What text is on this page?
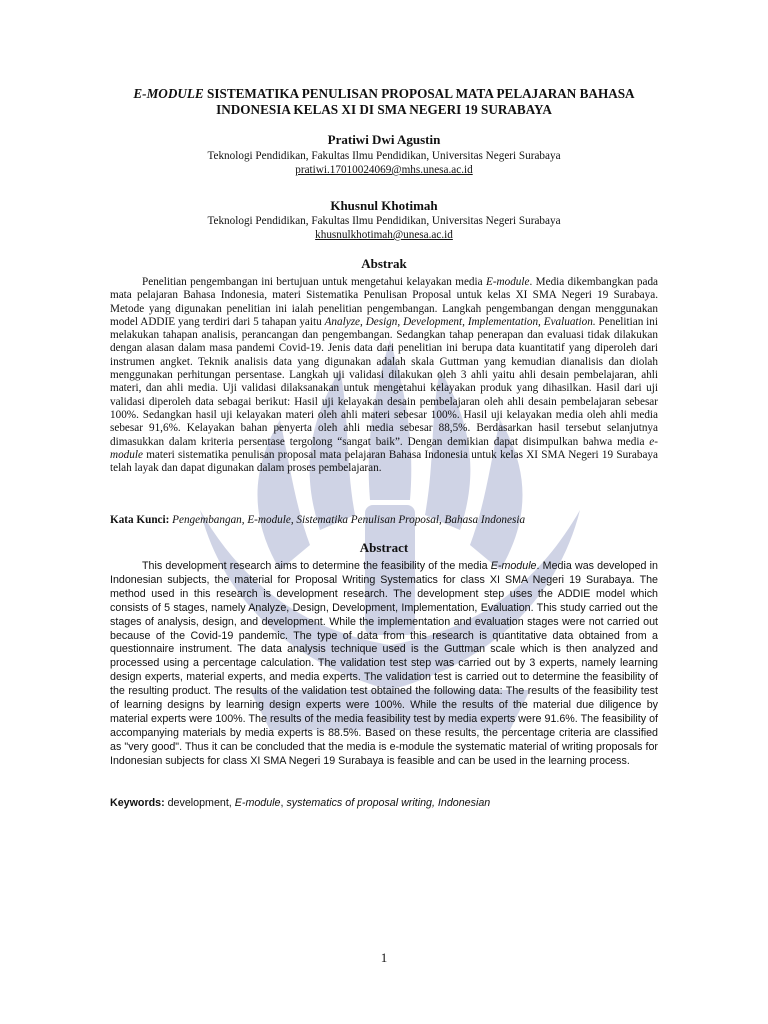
E-MODULE SISTEMATIKA PENULISAN PROPOSAL MATA PELAJARAN BAHASA INDONESIA KELAS XI DI SMA NEGERI 19 SURABAYA

Pratiwi Dwi Agustin

Teknologi Pendidikan, Fakultas Ilmu Pendidikan, Universitas Negeri Surabaya

pratiwi.17010024069@mhs.unesa.ac.id

Khusnul Khotimah

Teknologi Pendidikan, Fakultas Ilmu Pendidikan, Universitas Negeri Surabaya

khusnulkhotimah@unesa.ac.id

Abstrak

Penelitian pengembangan ini bertujuan untuk mengetahui kelayakan media E-module. Media dikembangkan pada mata pelajaran Bahasa Indonesia, materi Sistematika Penulisan Proposal untuk kelas XI SMA Negeri 19 Surabaya. Metode yang digunakan penelitian ini ialah penelitian pengembangan. Langkah pengembangan dengan menggunakan model ADDIE yang terdiri dari 5 tahapan yaitu Analyze, Design, Development, Implementation, Evaluation. Penelitian ini melakukan tahapan analisis, perancangan dan pengembangan. Sedangkan tahap penerapan dan evaluasi tidak dilakukan dengan alasan dalam masa pandemi Covid-19. Jenis data dari penelitian ini berupa data kuantitatif yang diperoleh dari instrumen angket. Teknik analisis data yang digunakan adalah skala Guttman yang kemudian dianalisis dan diolah menggunakan perhitungan persentase. Langkah uji validasi dilakukan oleh 3 ahli yaitu ahli desain pembelajaran, ahli materi, dan ahli media. Uji validasi dilaksanakan untuk mengetahui kelayakan produk yang dihasilkan. Hasil dari uji validasi diperoleh data sebagai berikut: Hasil uji kelayakan desain pembelajaran oleh ahli desain pembelajaran sebesar 100%. Sedangkan hasil uji kelayakan materi oleh ahli materi sebesar 100%. Hasil uji kelayakan media oleh ahli media sebesar 91,6%. Kelayakan bahan penyerta oleh ahli media sebesar 88,5%. Berdasarkan hasil tersebut selanjutnya dimasukkan dalam kriteria persentase tergolong “sangat baik”. Dengan demikian dapat disimpulkan bahwa media e-module materi sistematika penulisan proposal mata pelajaran Bahasa Indonesia untuk kelas XI SMA Negeri 19 Surabaya telah layak dan dapat digunakan dalam proses pembelajaran.

Kata Kunci: Pengembangan, E-module, Sistematika Penulisan Proposal, Bahasa Indonesia

Abstract

This development research aims to determine the feasibility of the media E-module. Media was developed in Indonesian subjects, the material for Proposal Writing Systematics for class XI SMA Negeri 19 Surabaya. The method used in this research is development research. The development step uses the ADDIE model which consists of 5 stages, namely Analyze, Design, Development, Implementation, Evaluation. This study carried out the stages of analysis, design, and development. While the implementation and evaluation stages were not carried out because of the Covid-19 pandemic. The type of data from this research is quantitative data obtained from a questionnaire instrument. The data analysis technique used is the Guttman scale which is then analyzed and processed using a percentage calculation. The validation test step was carried out by 3 experts, namely learning design experts, material experts, and media experts. The validation test is carried out to determine the feasibility of the resulting product. The results of the validation test obtained the following data: The results of the feasibility test of learning designs by learning design experts were 100%. While the results of the material due diligence by material experts were 100%. The results of the media feasibility test by media experts were 91.6%. The feasibility of accompanying materials by media experts is 88.5%. Based on these results, the percentage criteria are classified as "very good". Thus it can be concluded that the media is e-module the systematic material of writing proposals for Indonesian subjects for class XI SMA Negeri 19 Surabaya is feasible and can be used in the learning process.

Keywords: development, E-module, systematics of proposal writing, Indonesian

1
